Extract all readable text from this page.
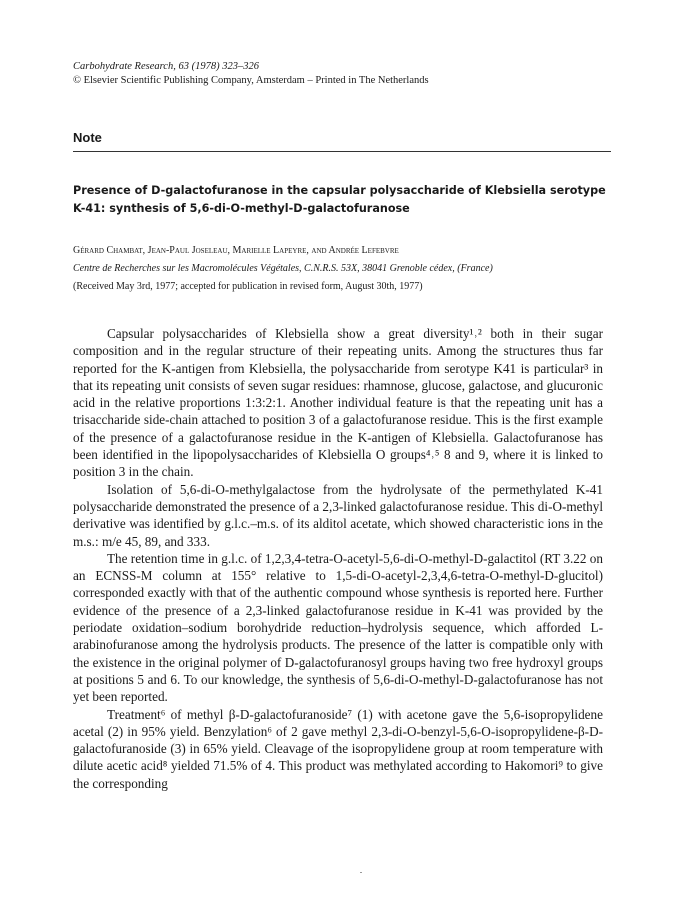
Carbohydrate Research, 63 (1978) 323–326
© Elsevier Scientific Publishing Company, Amsterdam – Printed in The Netherlands
Note
Presence of D-galactofuranose in the capsular polysaccharide of Klebsiella serotype K-41: synthesis of 5,6-di-O-methyl-D-galactofuranose
Gérard Chambat, Jean-Paul Joseleau, Marielle Lapeyre, and Andrée Lefebvre
Centre de Recherches sur les Macromolécules Végétales, C.N.R.S. 53X, 38041 Grenoble cédex, (France)
(Received May 3rd, 1977; accepted for publication in revised form, August 30th, 1977)

Capsular polysaccharides of Klebsiella show a great diversity¹˒² both in their sugar composition and in the regular structure of their repeating units. Among the structures thus far reported for the K-antigen from Klebsiella, the polysaccharide from serotype K41 is particular³ in that its repeating unit consists of seven sugar residues: rhamnose, glucose, galactose, and glucuronic acid in the relative proportions 1:3:2:1. Another individual feature is that the repeating unit has a trisaccharide side-chain attached to position 3 of a galactofuranose residue. This is the first example of the presence of a galactofuranose residue in the K-antigen of Klebsiella. Galactofuranose has been identified in the lipopolysaccharides of Klebsiella O groups⁴˒⁵ 8 and 9, where it is linked to position 3 in the chain.

Isolation of 5,6-di-O-methylgalactose from the hydrolysate of the permethylated K-41 polysaccharide demonstrated the presence of a 2,3-linked galactofuranose residue. This di-O-methyl derivative was identified by g.l.c.–m.s. of its alditol acetate, which showed characteristic ions in the m.s.: m/e 45, 89, and 333.

The retention time in g.l.c. of 1,2,3,4-tetra-O-acetyl-5,6-di-O-methyl-D-galactitol (RT 3.22 on an ECNSS-M column at 155° relative to 1,5-di-O-acetyl-2,3,4,6-tetra-O-methyl-D-glucitol) corresponded exactly with that of the authentic compound whose synthesis is reported here. Further evidence of the presence of a 2,3-linked galactofuranose residue in K-41 was provided by the periodate oxidation–sodium borohydride reduction–hydrolysis sequence, which afforded L-arabinofuranose among the hydrolysis products. The presence of the latter is compatible only with the existence in the original polymer of D-galactofuranosyl groups having two free hydroxyl groups at positions 5 and 6. To our knowledge, the synthesis of 5,6-di-O-methyl-D-galactofuranose has not yet been reported.

Treatment⁶ of methyl β-D-galactofuranoside⁷ (1) with acetone gave the 5,6-isopropylidene acetal (2) in 95% yield. Benzylation⁶ of 2 gave methyl 2,3-di-O-benzyl-5,6-O-isopropylidene-β-D-galactofuranoside (3) in 65% yield. Cleavage of the isopropylidene group at room temperature with dilute acetic acid⁸ yielded 71.5% of 4. This product was methylated according to Hakomori⁹ to give the corresponding
